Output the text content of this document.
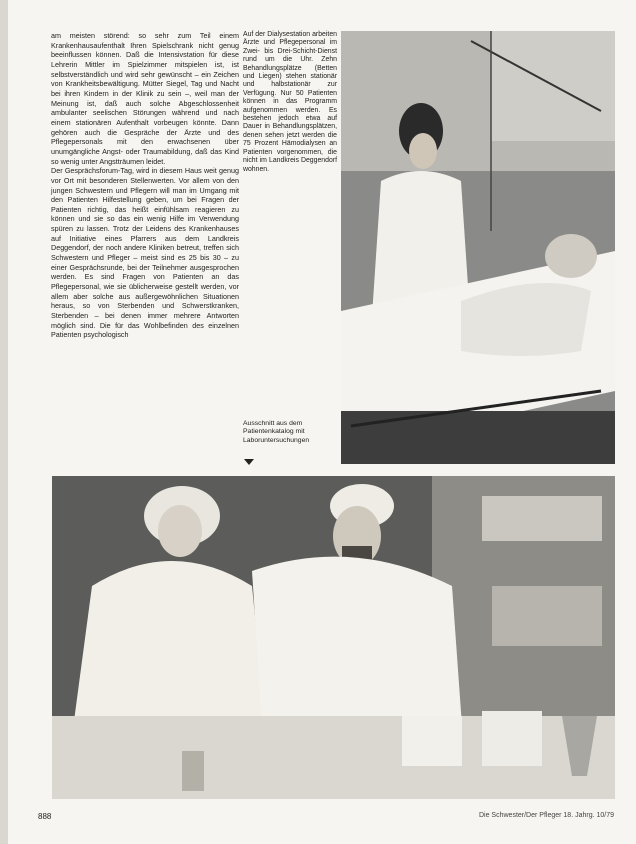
am meisten störend: so sehr zum Teil einem Krankenhausaufenthalt Ihren Spielschrank nicht genug beeinflussen können. Daß die Intensivstation für diese Lehrerin Mittler im Spielzimmer mitspielen ist, ist selbstverständlich und wird sehr gewünscht – ein Zeichen von Krankheitsbewältigung. Mütter Siegel, Tag und Nacht bei ihren Kindern in der Klinik zu sein –, weil man der Meinung ist, daß auch solche Abgeschlossenheit ambulanter seelischen Störungen während und nach einem stationären Aufenthalt vorbeugen könnte. Dann gehören auch die Gespräche der Ärzte und des Pflegepersonals mit den erwachsenen über unumgängliche Angst- oder Traumabildung, daß das Kind so wenig unter Angstträumen leidet.

Der Gesprächsforum-Tag, wird in diesem Haus weit genug vor Ort mit besonderen Stellenwerten. Vor allem von den jungen Schwestern und Pflegern will man im Umgang mit den Patienten Hilfestellung geben, um bei Fragen der Patienten richtig, das heißt einfühlsam reagieren zu können und sie so das ein wenig Hilfe im Verwendung spüren zu lassen. Trotz der Leidens des Krankenhauses auf Initiative eines Pfarrers aus dem Landkreis Deggendorf, der noch andere Kliniken betreut, treffen sich Schwestern und Pfleger – meist sind es 25 bis 30 – zu einer Gesprächsrunde, bei der Teilnehmer ausgesprochen werden. Es sind Fragen von Patienten an das Pflegepersonal, wie sie üblicherweise gestellt werden, vor allem aber solche aus außergewöhnlichen Situationen heraus, so von Sterbenden und Schwerstkranken, Sterbenden – bei denen immer mehrere Antworten möglich sind. Die für das Wohlbefinden des einzelnen Patienten psychologisch

Auf der Dialysestation arbeiten Ärzte und Pflegepersonal im Zwei- bis Drei-Schicht-Dienst rund um die Uhr. Zehn Behandlungsplätze (Betten und Liegen) stehen stationär und halbstationär zur Verfügung. Nur 50 Patienten können in das Programm aufgenommen werden. Es bestehen jedoch etwa auf Dauer in Behandlungsplätzen, denen sehen jetzt werden die 75 Prozent Hämodialysen an Patienten vorgenommen, die nicht im Landkreis Deggendorf wohnen.
Ausschnitt aus dem Patientenkatalog mit Laboruntersuchungen
888	Die Schwester/Der Pfleger 18. Jahrg. 10/79
